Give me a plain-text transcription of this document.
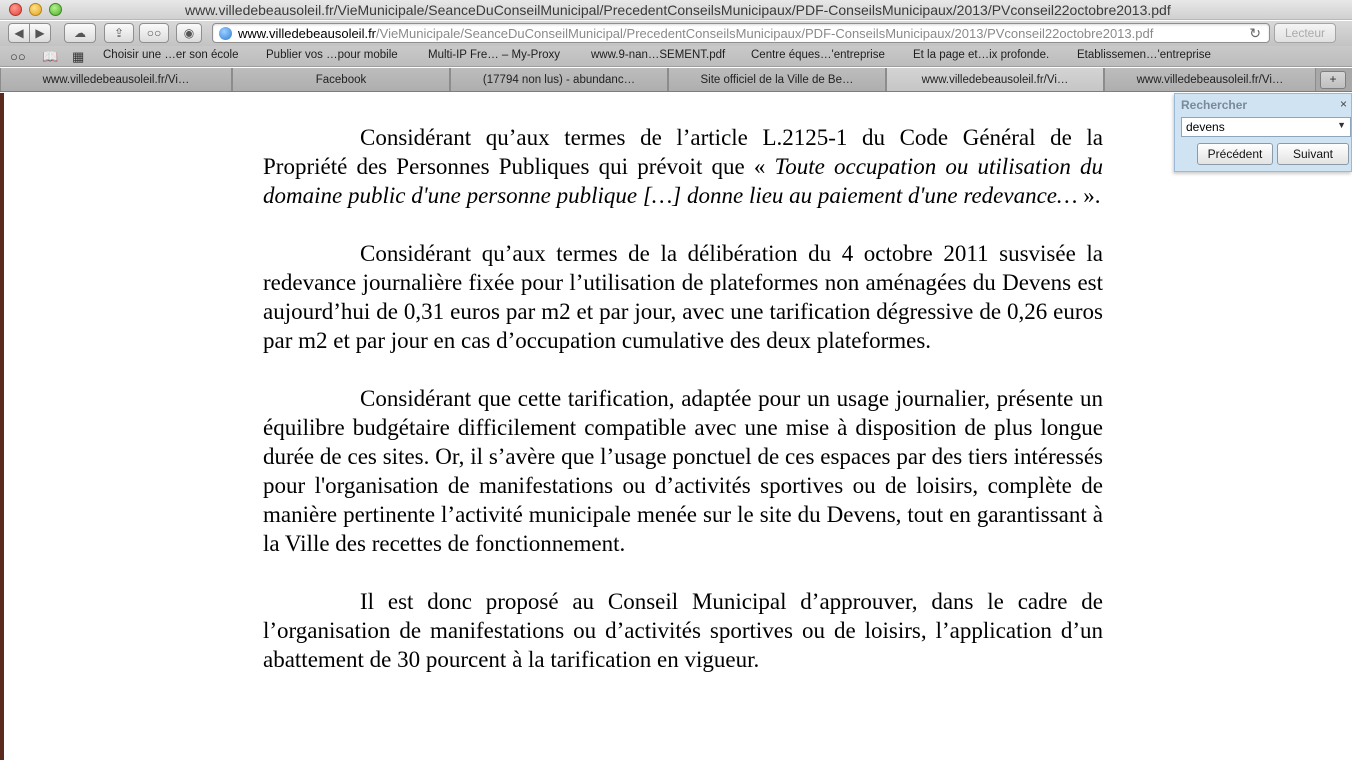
www.villedebeausoleil.fr/VieMunicipale/SeanceDuConseilMunicipal/PrecedentConseilsMunicipaux/PDF-ConseilsMunicipaux/2013/PVconseil22octobre2013.pdf
◀ ▶ ☁ ⇪ ○○ ◉	www.villedebeausoleil.fr/VieMunicipale/SeanceDuConseilMunicipal/PrecedentConseilsMunicipaux/PDF-ConseilsMunicipaux/2013/PVconseil22octobre2013.pdf	↻	Lecteur
○○ 📖 ▦ Choisir une …er son école Publier vos …pour mobile	Multi-IP Fre… – My-Proxy	www.9-nan…SEMENT.pdf Centre éques…'entreprise Et la page et…ix profonde. Etablissemen…'entreprise
www.villedebeausoleil.fr/Vi…	Facebook	(17794 non lus) - abundanc…	Site officiel de la Ville de Be…	www.villedebeausoleil.fr/Vi…	www.villedebeausoleil.fr/Vi…	+

Considérant qu’aux termes de l’article L.2125-1 du Code Général de la Propriété des Personnes Publiques qui prévoit que « Toute occupation ou utilisation du domaine public d'une personne publique […] donne lieu au paiement d'une redevance… ».

Considérant qu’aux termes de la délibération du 4 octobre 2011 susvisée la redevance journalière fixée pour l’utilisation de plateformes non aménagées du Devens est aujourd’hui de 0,31 euros par m2 et par jour, avec une tarification dégressive de 0,26 euros par m2 et par jour en cas d’occupation cumulative des deux plateformes.

Considérant que cette tarification, adaptée pour un usage journalier, présente un équilibre budgétaire difficilement compatible avec une mise à disposition de plus longue durée de ces sites. Or, il s’avère que l’usage ponctuel de ces espaces par des tiers intéressés pour l'organisation de manifestations ou d’activités sportives ou de loisirs, complète de manière pertinente l’activité municipale menée sur le site du Devens, tout en garantissant à la Ville des recettes de fonctionnement.

Il est donc proposé au Conseil Municipal d’approuver, dans le cadre de l’organisation de manifestations ou d’activités sportives ou de loisirs, l’application d’un abattement de 30 pourcent à la tarification en vigueur.

Rechercher	×
devens	▼
Précédent	Suivant
